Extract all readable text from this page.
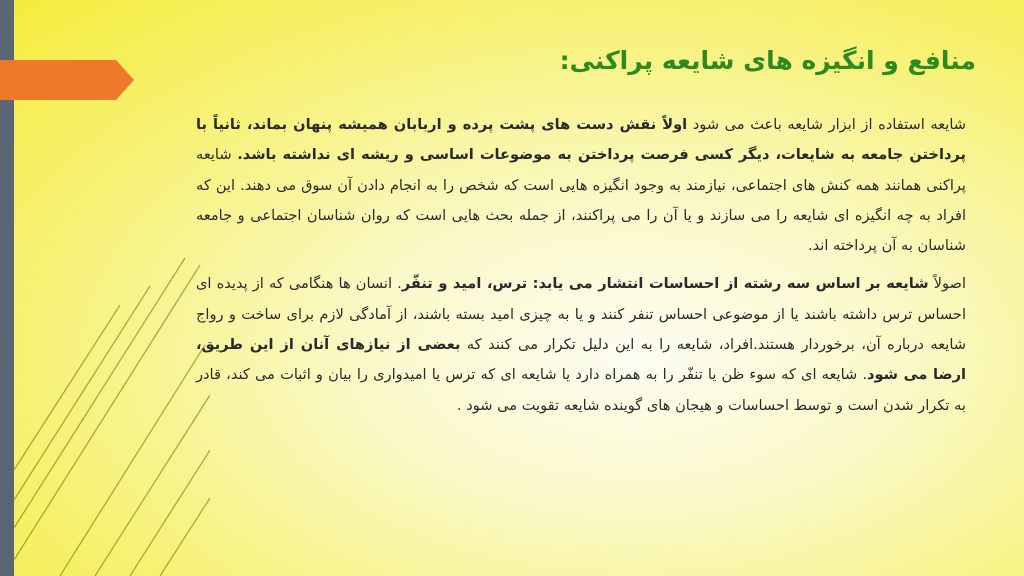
منافع و انگیزه های شایعه پراکنی:

شایعه استفاده از ابزار شایعه باعث می شود اولاً نقش دست های پشت پرده و اربابان همیشه پنهان بماند، ثانیاً با پرداختن جامعه به شایعات، دیگر کسی فرصت پرداختن به موضوعات اساسی و ریشه ای نداشته باشد. شایعه پراکنی همانند همه کنش های اجتماعی، نیازمند به وجود انگیزه هایی است که شخص را به انجام دادن آن سوق می دهند. این که افراد به چه انگیزه ای شایعه را می سازند و یا آن را می پراکنند، از جمله بحث هایی است که روان شناسان اجتماعی و جامعه شناسان به آن پرداخته اند.

اصولاً شایعه بر اساس سه رشته از احساسات انتشار می یابد: ترس، امید و تنفّر. انسان ها هنگامی که از پدیده ای احساس ترس داشته باشند یا از موضوعی احساس تنفر کنند و یا به چیزی امید بسته باشند، از آمادگی لازم برای ساخت و رواج شایعه درباره آن، برخوردار هستند.افراد، شایعه را به این دلیل تکرار می کنند که بعضی از نیازهای آنان از این طریق، ارضا می شود. شایعه ای که سوء ظن یا تنفّر را به همراه دارد یا شایعه ای که ترس یا امیدواری را بیان و اثبات می کند، قادر به تکرار شدن است و توسط احساسات و هیجان های گوینده شایعه تقویت می شود .
